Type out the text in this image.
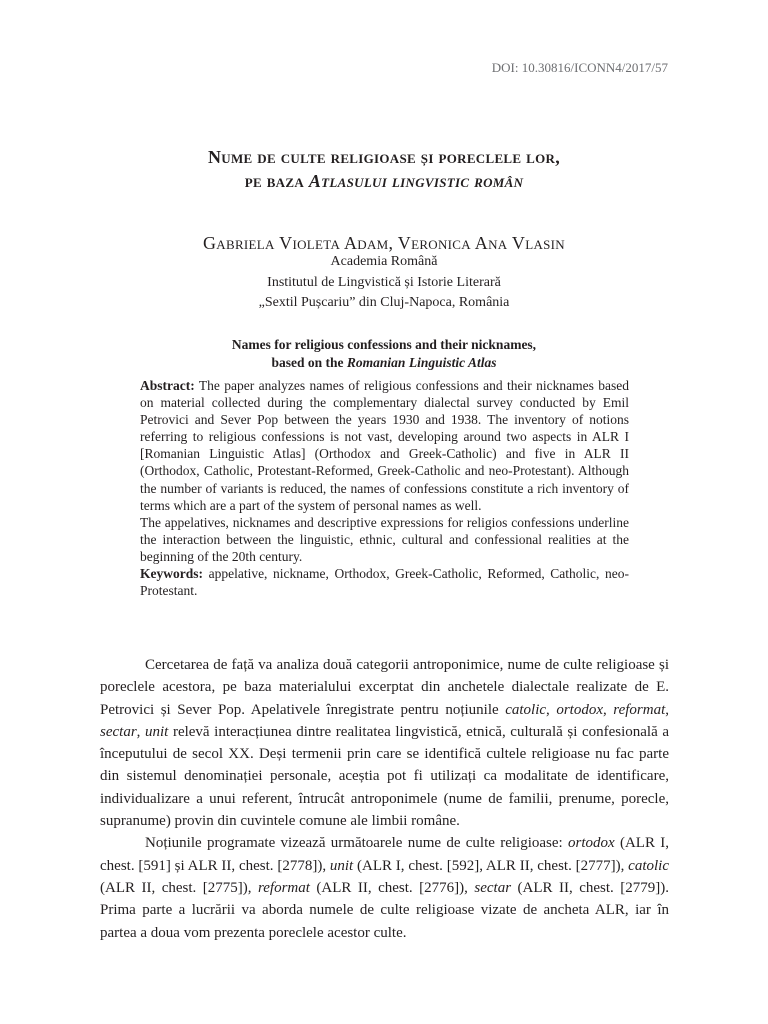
DOI: 10.30816/ICONN4/2017/57
Nume de culte religioase și poreclele lor,
pe baza Atlasului lingvistic român
Gabriela Violeta Adam, Veronica Ana Vlasin
Academia Română
Institutul de Lingvistică și Istorie Literară
„Sextil Pușcariu” din Cluj-Napoca, România
Names for religious confessions and their nicknames,
based on the Romanian Linguistic Atlas

Abstract: The paper analyzes names of religious confessions and their nicknames based on material collected during the complementary dialectal survey conducted by Emil Petrovici and Sever Pop between the years 1930 and 1938. The inventory of notions referring to religious confessions is not vast, developing around two aspects in ALR I [Romanian Linguistic Atlas] (Orthodox and Greek-Catholic) and five in ALR II (Orthodox, Catholic, Protestant-Reformed, Greek-Catholic and neo-Protestant). Although the number of variants is reduced, the names of confessions constitute a rich inventory of terms which are a part of the system of personal names as well.

The appelatives, nicknames and descriptive expressions for religios confessions underline the interaction between the linguistic, ethnic, cultural and confessional realities at the beginning of the 20th century.

Keywords: appelative, nickname, Orthodox, Greek-Catholic, Reformed, Catholic, neo-Protestant.

Cercetarea de față va analiza două categorii antroponimice, nume de culte religioase și poreclele acestora, pe baza materialului excerptat din anchetele dialectale realizate de E. Petrovici și Sever Pop. Apelativele înregistrate pentru noțiunile catolic, ortodox, reformat, sectar, unit relevă interacțiunea dintre realitatea lingvistică, etnică, culturală și confesională a începutului de secol XX. Deși termenii prin care se identifică cultele religioase nu fac parte din sistemul denominației personale, aceștia pot fi utilizați ca modalitate de identificare, individualizare a unui referent, întrucât antroponimele (nume de familii, prenume, porecle, supranume) provin din cuvintele comune ale limbii române.

Noțiunile programate vizează următoarele nume de culte religioase: ortodox (ALR I, chest. [591] și ALR II, chest. [2778]), unit (ALR I, chest. [592], ALR II, chest. [2777]), catolic (ALR II, chest. [2775]), reformat (ALR II, chest. [2776]), sectar (ALR II, chest. [2779]). Prima parte a lucrării va aborda numele de culte religioase vizate de ancheta ALR, iar în partea a doua vom prezenta poreclele acestor culte.
